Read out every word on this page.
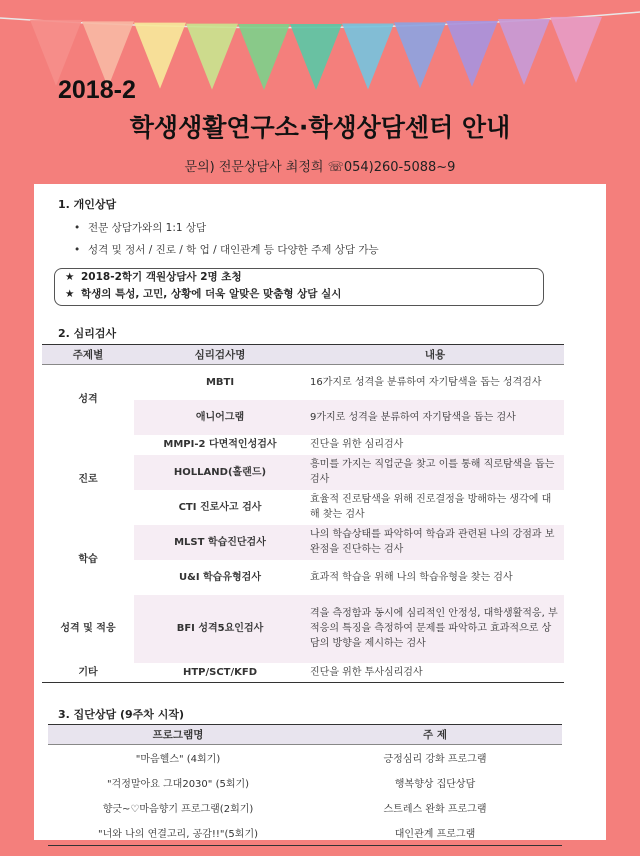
2018-2
학생생활연구소·학생상담센터 안내
문의) 전문상담사 최정희 ☏054)260-5088~9
1. 개인상담
• 전문 상담가와의 1:1 상담
• 성격 및 정서 / 진로 / 학 업 / 대인관계 등 다양한 주제 상담 가능
★ 2018-2학기 객원상담사 2명 초청
★ 학생의 특성, 고민, 상황에 더욱 알맞은 맞춤형 상담 실시
2. 심리검사
주제별	심리검사명	내용
성격	MBTI	16가지로 성격을 분류하여 자기탐색을 돕는 성격검사
	애니어그램	9가지로 성격을 분류하여 자기탐색을 돕는 검사
진로	MMPI-2 다면적인성검사	진단을 위한 심리검사
	HOLLAND(홀랜드)	흥미를 가지는 직업군을 찾고 이를 통해 직로탐색을 돕는 검사
	CTI 진로사고 검사	효율적 진로탐색을 위해 진로결정을 방해하는 생각에 대해 찾는 검사
학습	MLST 학습진단검사	나의 학습상태를 파악하여 학습과 관련된 나의 강점과 보완점을 진단하는 검사
	U&I 학습유형검사	효과적 학습을 위해 나의 학습유형을 찾는 검사
성격 및 적응	BFI 성격5요인검사	격을 측정함과 동시에 심리적인 안정성, 대학생활적응, 부적응의 특징을 측정하여 문제를 파악하고 효과적으로 상담의 방향을 제시하는 검사
기타	HTP/SCT/KFD	진단을 위한 투사심리검사
3. 집단상담 (9주차 시작)
프로그램명	주 제
"마음헬스" (4회기)	긍정심리 강화 프로그램
"걱정말아요 그대2030" (5회기)	행복향상 집단상담
향긋~♡마음향기 프로그램(2회기)	스트레스 완화 프로그램
"너와 나의 연결고리, 공감!!"(5회기)	대인관계 프로그램
